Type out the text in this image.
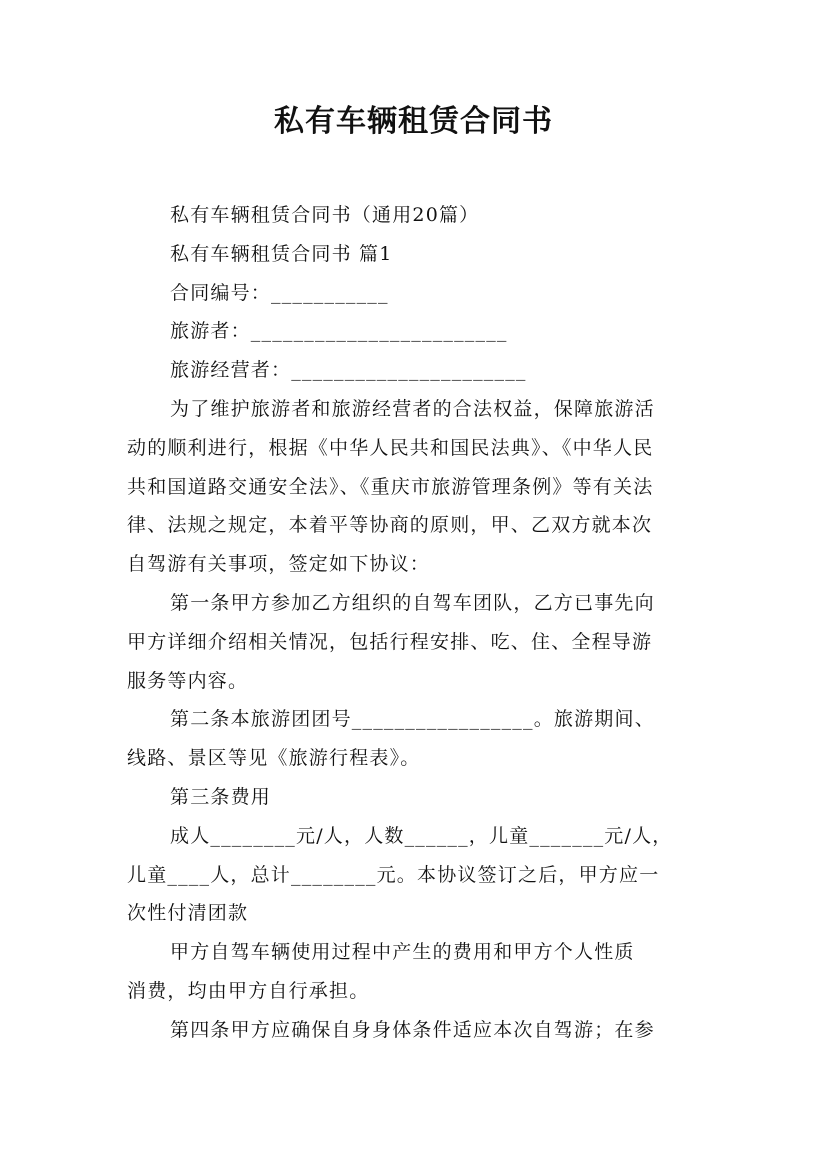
私有车辆租赁合同书
私有车辆租赁合同书（通用20篇）
私有车辆租赁合同书 篇1
合同编号：___________
旅游者：________________________
旅游经营者：______________________
为了维护旅游者和旅游经营者的合法权益，保障旅游活
动的顺利进行，根据《中华人民共和国民法典》、《中华人民
共和国道路交通安全法》、《重庆市旅游管理条例》等有关法
律、法规之规定，本着平等协商的原则，甲、乙双方就本次
自驾游有关事项，签定如下协议：
第一条甲方参加乙方组织的自驾车团队，乙方已事先向
甲方详细介绍相关情况，包括行程安排、吃、住、全程导游
服务等内容。
第二条本旅游团团号_________________。旅游期间、
线路、景区等见《旅游行程表》。
第三条费用
成人________元/人，人数______，儿童_______元/人，
儿童____人，总计________元。本协议签订之后，甲方应一
次性付清团款
甲方自驾车辆使用过程中产生的费用和甲方个人性质
消费，均由甲方自行承担。
第四条甲方应确保自身身体条件适应本次自驾游；在参
